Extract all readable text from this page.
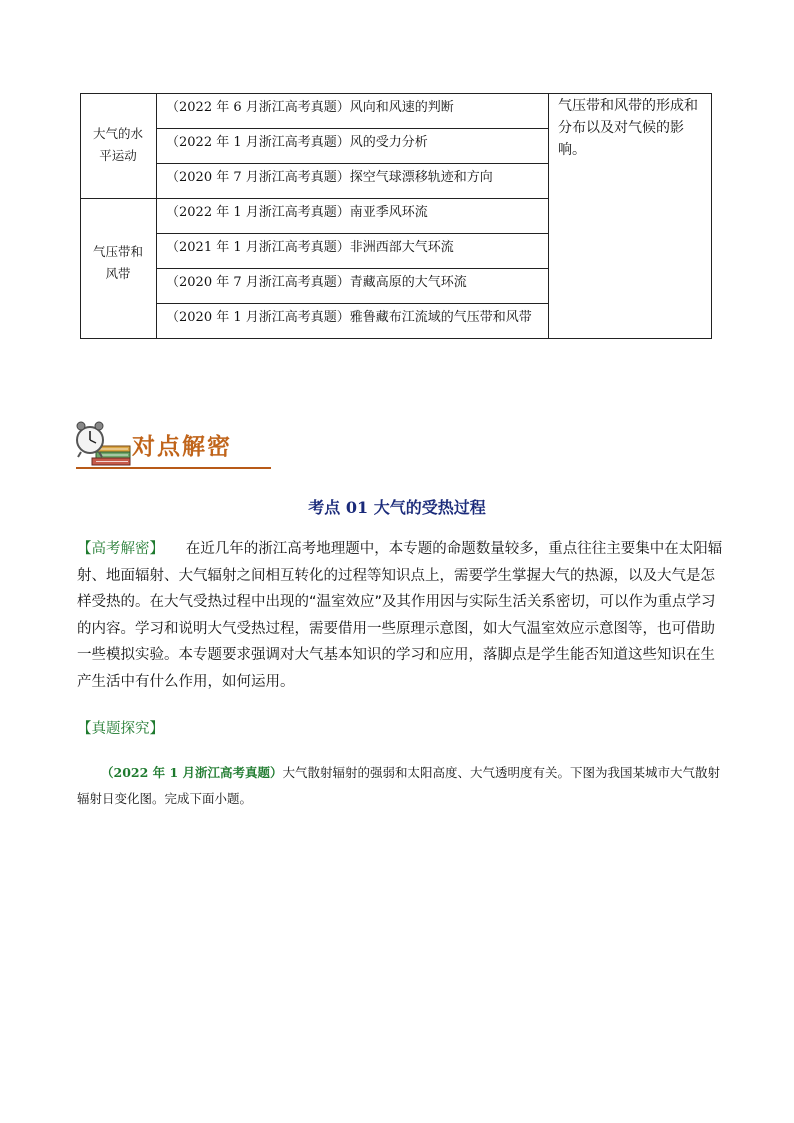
大气的水
平运动
气压带和
风带
（2022 年 6 月浙江高考真题）风向和风速的判断
（2022 年 1 月浙江高考真题）风的受力分析
（2020 年 7 月浙江高考真题）探空气球漂移轨迹和方向
（2022 年 1 月浙江高考真题）南亚季风环流
（2021 年 1 月浙江高考真题）非洲西部大气环流
（2020 年 7 月浙江高考真题）青藏高原的大气环流
（2020 年 1 月浙江高考真题）雅鲁藏布江流域的气压带和风带
气压带和风带的形成和分布以及对气候的影响。
对点解密
考点 01 大气的受热过程
【高考解密】　　在近几年的浙江高考地理题中，本专题的命题数量较多，重点往往主要集中在太阳辐射、地面辐射、大气辐射之间相互转化的过程等知识点上，需要学生掌握大气的热源，以及大气是怎样受热的。在大气受热过程中出现的“温室效应”及其作用因与实际生活关系密切，可以作为重点学习的内容。学习和说明大气受热过程，需要借用一些原理示意图，如大气温室效应示意图等，也可借助一些模拟实验。本专题要求强调对大气基本知识的学习和应用，落脚点是学生能否知道这些知识在生产生活中有什么作用，如何运用。
【真题探究】
（2022 年 1 月浙江高考真题）大气散射辐射的强弱和太阳高度、大气透明度有关。下图为我国某城市大气散射辐射日变化图。完成下面小题。
